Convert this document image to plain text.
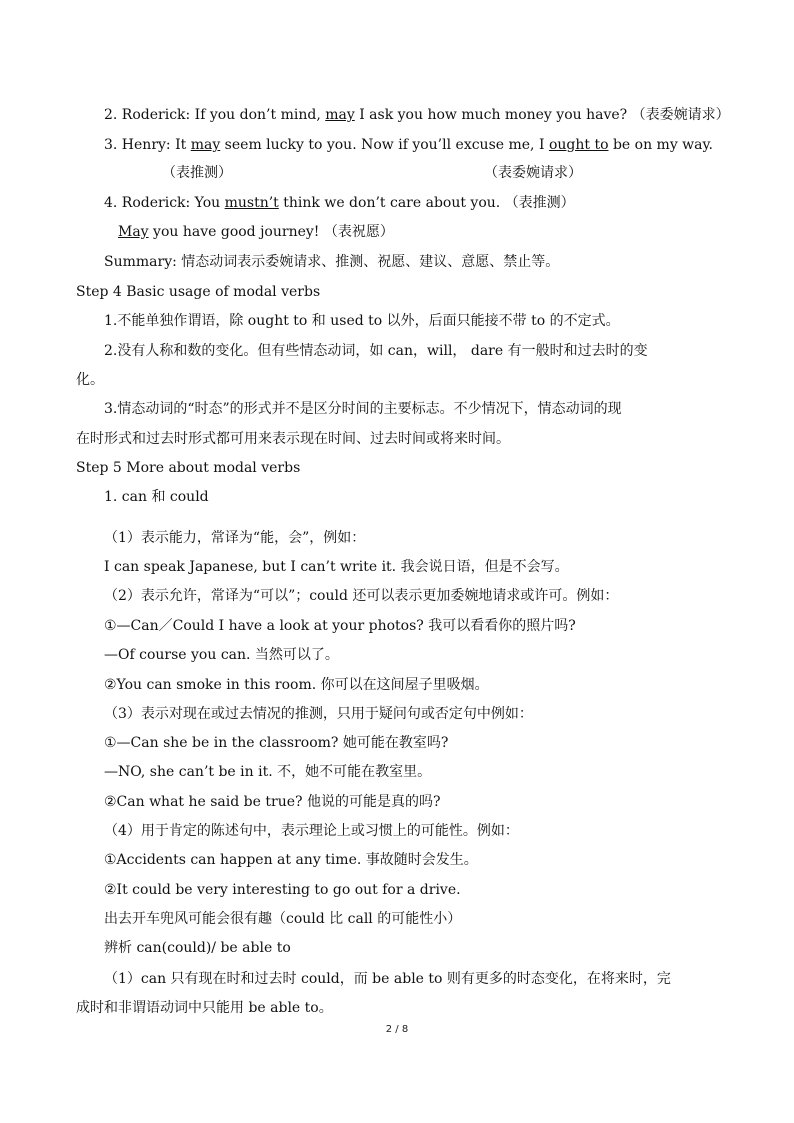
2. Roderick: If you don’t mind, may I ask you how much money you have? （表委婉请求）
3. Henry: It may seem lucky to you. Now if you’ll excuse me, I ought to be on my way.
（表推测）	（表委婉请求）
4. Roderick: You mustn’t think we don’t care about you. （表推测）
May you have good journey! （表祝愿）
Summary: 情态动词表示委婉请求、推测、祝愿、建议、意愿、禁止等。
Step 4 Basic usage of modal verbs
1.不能单独作谓语，除 ought to 和 used to 以外，后面只能接不带 to 的不定式。
2.没有人称和数的变化。但有些情态动词，如 can，will， dare 有一般时和过去时的变
化。
3.情态动词的“时态”的形式并不是区分时间的主要标志。不少情况下，情态动词的现
在时形式和过去时形式都可用来表示现在时间、过去时间或将来时间。
Step 5 More about modal verbs
1. can 和 could
（1）表示能力，常译为“能，会”，例如：
I can speak Japanese, but I can’t write it. 我会说日语，但是不会写。
（2）表示允许，常译为“可以”；could 还可以表示更加委婉地请求或许可。例如：
①—Can／Could I have a look at your photos? 我可以看看你的照片吗?
—Of course you can. 当然可以了。
②You can smoke in this room. 你可以在这间屋子里吸烟。
（3）表示对现在或过去情况的推测，只用于疑问句或否定句中例如：
①—Can she be in the classroom? 她可能在教室吗?
—NO, she can’t be in it. 不，她不可能在教室里。
②Can what he said be true? 他说的可能是真的吗?
（4）用于肯定的陈述句中，表示理论上或习惯上的可能性。例如：
①Accidents can happen at any time. 事故随时会发生。
②It could be very interesting to go out for a drive.
出去开车兜风可能会很有趣（could 比 call 的可能性小）
辨析 can(could)/ be able to
（1）can 只有现在时和过去时 could，而 be able to 则有更多的时态变化，在将来时，完
成时和非谓语动词中只能用 be able to。
2 / 8
